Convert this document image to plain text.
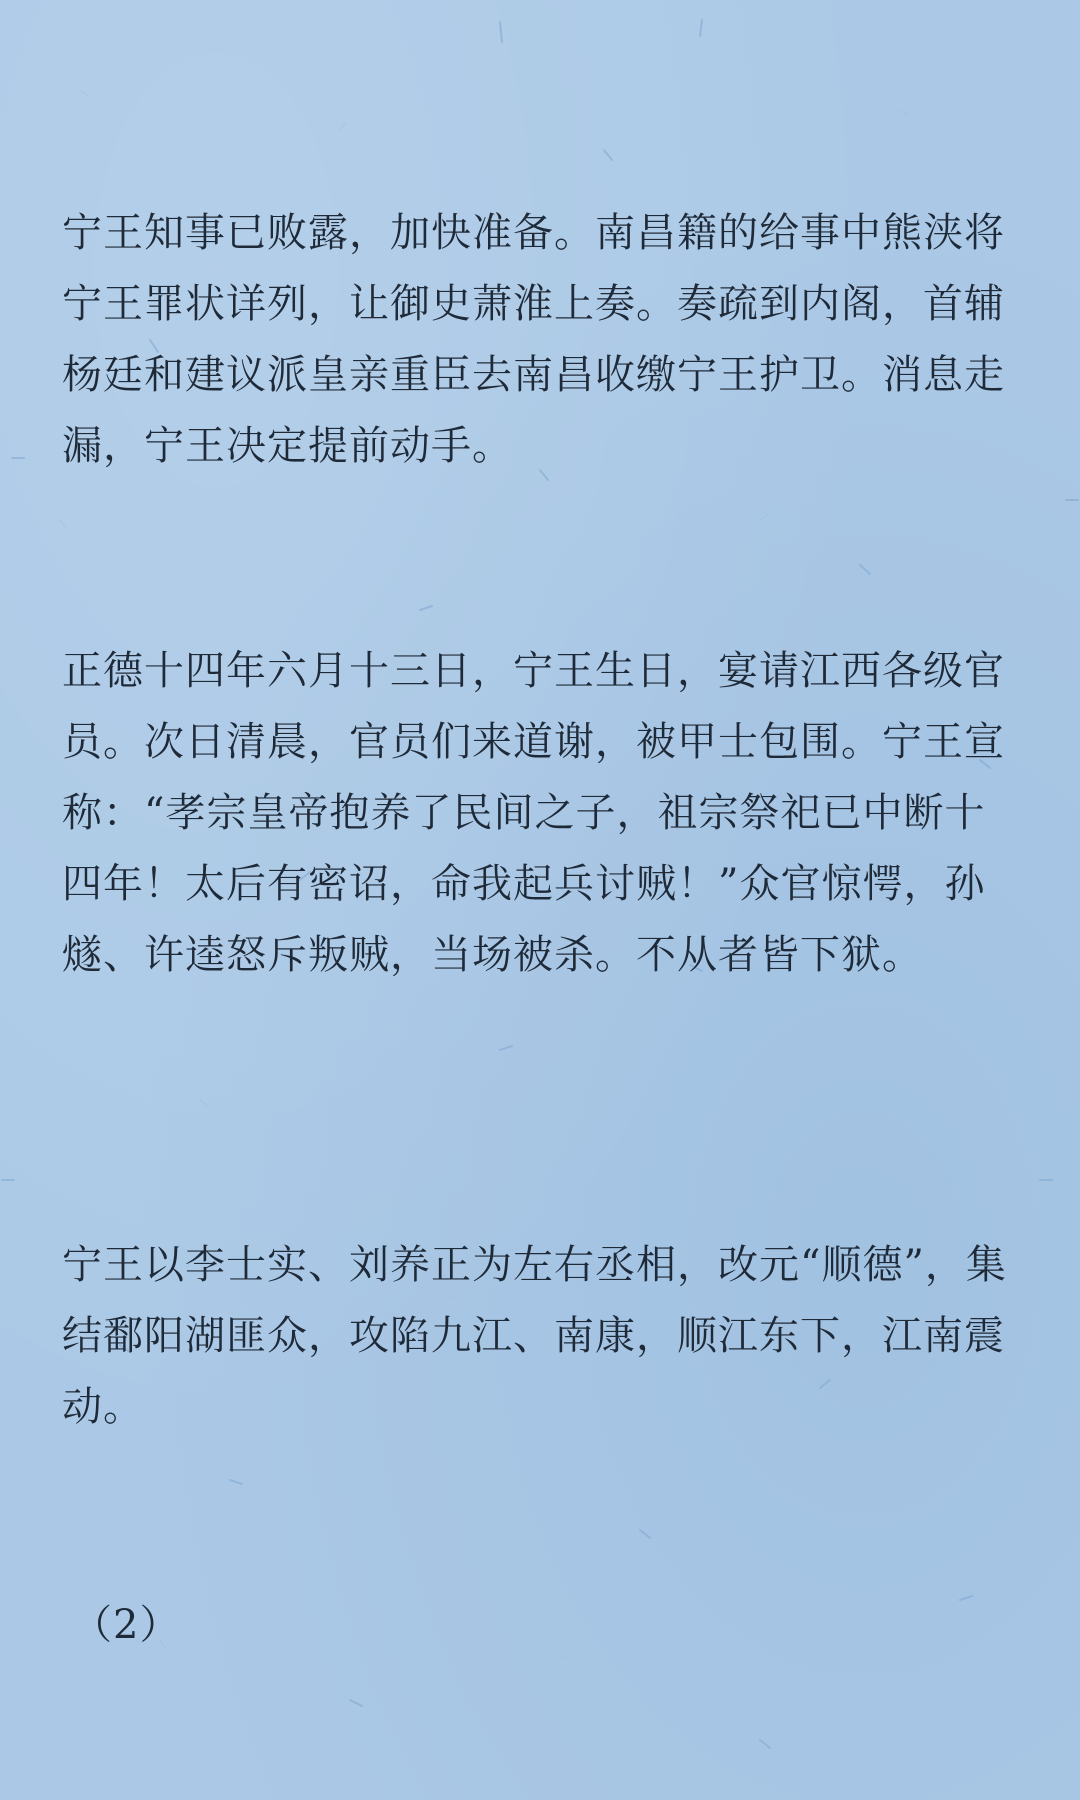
宁王知事已败露，加快准备。南昌籍的给事中熊浃将宁王罪状详列，让御史萧淮上奏。奏疏到内阁，首辅杨廷和建议派皇亲重臣去南昌收缴宁王护卫。消息走漏，宁王决定提前动手。

正德十四年六月十三日，宁王生日，宴请江西各级官员。次日清晨，官员们来道谢，被甲士包围。宁王宣称：“孝宗皇帝抱养了民间之子，祖宗祭祀已中断十四年！太后有密诏，命我起兵讨贼！”众官惊愕，孙燧、许逵怒斥叛贼，当场被杀。不从者皆下狱。

宁王以李士实、刘养正为左右丞相，改元“顺德”，集结鄱阳湖匪众，攻陷九江、南康，顺江东下，江南震动。

（2）
